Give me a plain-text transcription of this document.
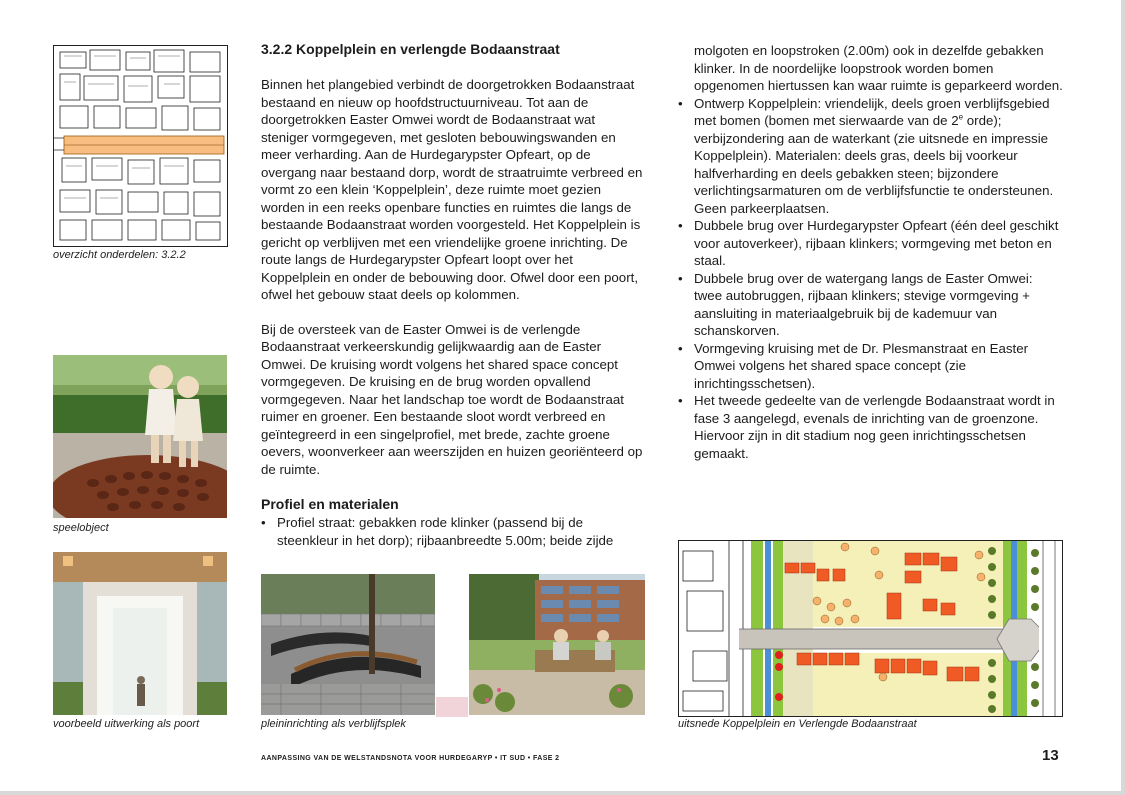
overzicht onderdelen: 3.2.2
speelobject
voorbeeld uitwerking als poort
3.2.2 Koppelplein en verlengde Bodaanstraat

Binnen het plangebied verbindt de doorgetrokken Bodaanstraat bestaand en nieuw op hoofdstructuurniveau. Tot aan de doorgetrokken Easter Omwei wordt de Bodaanstraat wat steniger vormgegeven, met gesloten bebouwingswanden en meer verharding. Aan de Hurdegarypster Opfeart, op de overgang naar bestaand dorp, wordt de straatruimte verbreed en vormt zo een klein ‘Koppelplein’, deze ruimte moet gezien worden in een reeks openbare functies en ruimtes die langs de bestaande Bodaanstraat worden voorgesteld. Het Koppelplein is gericht op verblijven met een vriendelijke groene inrichting. De route langs de Hurdegarypster Opfeart loopt over het Koppelplein en onder de bebouwing door. Ofwel door een poort, ofwel het gebouw staat deels op kolommen.

Bij de oversteek van de Easter Omwei is de verlengde Bodaanstraat verkeerskundig gelijkwaardig aan de Easter Omwei. De kruising wordt volgens het shared space concept vormgegeven. De kruising en de brug worden opvallend vormgegeven. Naar het landschap toe wordt de Bodaanstraat ruimer en groener. Een bestaande sloot wordt verbreed en geïntegreerd in een singelprofiel, met brede, zachte groene oevers, woonverkeer aan weerszijden en huizen georiënteerd op de ruimte.

Profiel en materialen
• Profiel straat: gebakken rode klinker (passend bij de steenkleur in het dorp); rijbaanbreedte 5.00m; beide zijde
pleininrichting als verblijfsplek
molgoten en loopstroken (2.00m) ook in dezelfde gebakken klinker. In de noordelijke loopstrook worden bomen opgenomen hiertussen kan waar ruimte is geparkeerd worden.
• Ontwerp Koppelplein: vriendelijk, deels groen verblijfsgebied met bomen (bomen met sierwaarde van de 2e orde); verbijzondering aan de waterkant (zie uitsnede en impressie Koppelplein). Materialen: deels gras, deels bij voorkeur halfverharding en deels gebakken steen; bijzondere verlichtingsarmaturen om de verblijfsfunctie te ondersteunen. Geen parkeerplaatsen.
• Dubbele brug over Hurdegarypster Opfeart (één deel geschikt voor autoverkeer), rijbaan klinkers; vormgeving met beton en staal.
• Dubbele brug over de watergang langs de Easter Omwei: twee autobruggen, rijbaan klinkers; stevige vormgeving + aansluiting in materiaalgebruik bij de kademuur van schanskorven.
• Vormgeving kruising met de Dr. Plesmanstraat en Easter Omwei volgens het shared space concept (zie inrichtingsschetsen).
• Het tweede gedeelte van de verlengde Bodaanstraat wordt in fase 3 aangelegd, evenals de inrichting van de groenzone. Hiervoor zijn in dit stadium nog geen inrichtingsschetsen gemaakt.
uitsnede Koppelplein en Verlengde Bodaanstraat
AANPASSING VAN DE WELSTANDSNOTA VOOR HURDEGARYP • IT SUD • FASE 2	13
